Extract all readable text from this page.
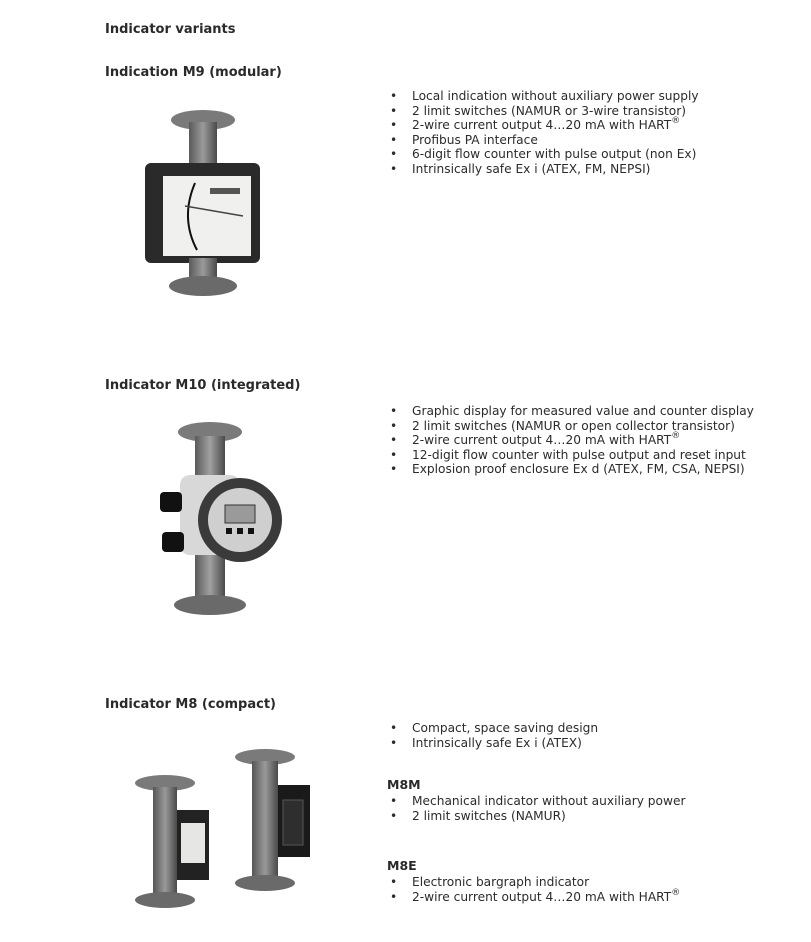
Indicator variants
Indication M9 (modular)
• Local indication without auxiliary power supply
• 2 limit switches (NAMUR or 3-wire transistor)
• 2-wire current output 4…20 mA with HART®
• Profibus PA interface
• 6-digit flow counter with pulse output (non Ex)
• Intrinsically safe Ex i (ATEX, FM, NEPSI)
Indicator M10 (integrated)
• Graphic display for measured value and counter display
• 2 limit switches (NAMUR or open collector transistor)
• 2-wire current output 4…20 mA with HART®
• 12-digit flow counter with pulse output and reset input
• Explosion proof enclosure Ex d (ATEX, FM, CSA, NEPSI)
Indicator M8 (compact)
• Compact, space saving design
• Intrinsically safe Ex i (ATEX)
M8M
• Mechanical indicator without auxiliary power
• 2 limit switches (NAMUR)
M8E
• Electronic bargraph indicator
• 2-wire current output 4…20 mA with HART®
